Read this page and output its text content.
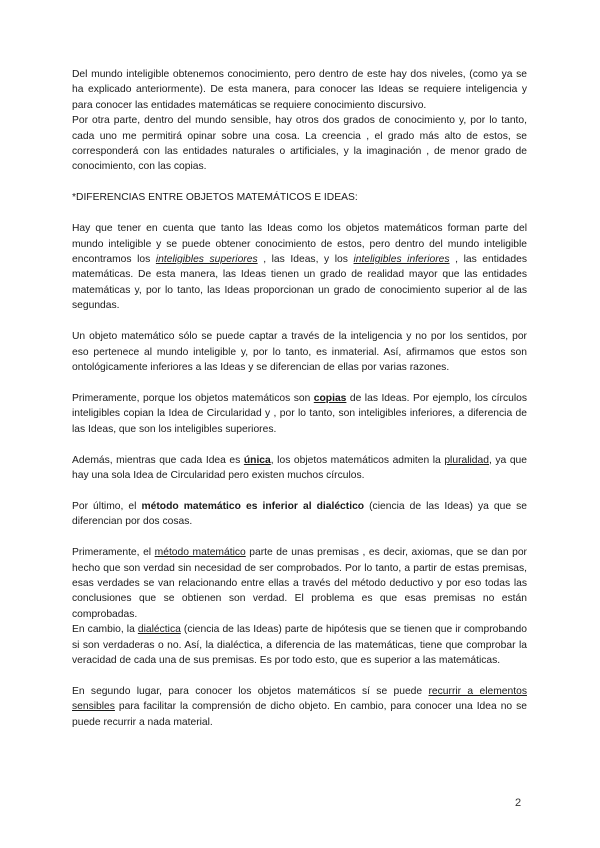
Del mundo inteligible obtenemos conocimiento, pero dentro de este hay dos niveles, (como ya se ha explicado anteriormente). De esta manera, para conocer las Ideas se requiere inteligencia y para conocer las entidades matemáticas se requiere conocimiento discursivo.

Por otra parte, dentro del mundo sensible, hay otros dos grados de conocimiento y, por lo tanto, cada uno me permitirá opinar sobre una cosa. La creencia , el grado más alto de estos, se corresponderá con las entidades naturales o artificiales, y la imaginación , de menor grado de conocimiento, con las copias.

*DIFERENCIAS ENTRE OBJETOS MATEMÁTICOS E IDEAS:

Hay que tener en cuenta que tanto las Ideas como los objetos matemáticos forman parte del mundo inteligible y se puede obtener conocimiento de estos, pero dentro del mundo inteligible encontramos los inteligibles superiores , las Ideas, y los inteligibles inferiores , las entidades matemáticas. De esta manera, las Ideas tienen un grado de realidad mayor que las entidades matemáticas y, por lo tanto, las Ideas proporcionan un grado de conocimiento superior al de las segundas.

Un objeto matemático sólo se puede captar a través de la inteligencia y no por los sentidos, por eso pertenece al mundo inteligible y, por lo tanto, es inmaterial. Así, afirmamos que estos son ontológicamente inferiores a las Ideas y se diferencian de ellas por varias razones.

Primeramente, porque los objetos matemáticos son copias de las Ideas. Por ejemplo, los círculos inteligibles copian la Idea de Circularidad y , por lo tanto, son inteligibles inferiores, a diferencia de las Ideas, que son los inteligibles superiores.

Además, mientras que cada Idea es única, los objetos matemáticos admiten la pluralidad, ya que hay una sola Idea de Circularidad pero existen muchos círculos.

Por último, el método matemático es inferior al dialéctico (ciencia de las Ideas) ya que se diferencian por dos cosas.

Primeramente, el método matemático parte de unas premisas , es decir, axiomas, que se dan por hecho que son verdad sin necesidad de ser comprobados. Por lo tanto, a partir de estas premisas, esas verdades se van relacionando entre ellas a través del método deductivo y por eso todas las conclusiones que se obtienen son verdad. El problema es que esas premisas no están comprobadas.

En cambio, la dialéctica (ciencia de las Ideas) parte de hipótesis que se tienen que ir comprobando si son verdaderas o no. Así, la dialéctica, a diferencia de las matemáticas, tiene que comprobar la veracidad de cada una de sus premisas. Es por todo esto, que es superior a las matemáticas.

En segundo lugar, para conocer los objetos matemáticos sí se puede recurrir a elementos sensibles para facilitar la comprensión de dicho objeto. En cambio, para conocer una Idea no se puede recurrir a nada material.

2
